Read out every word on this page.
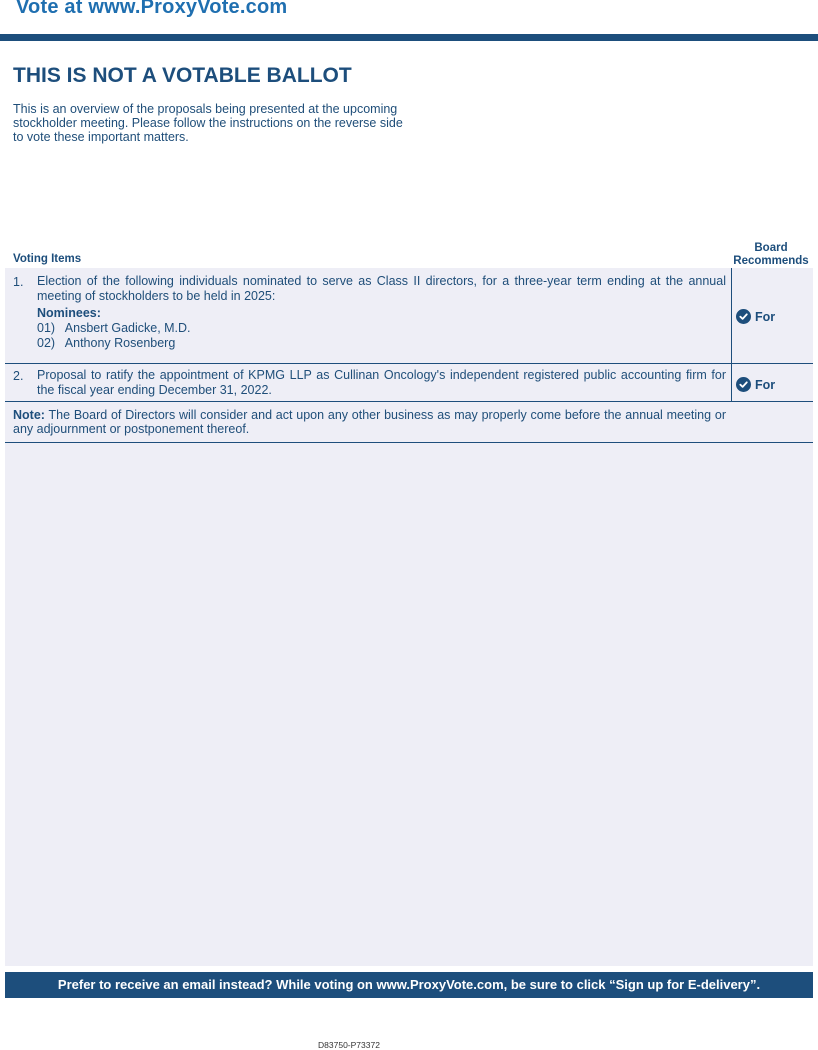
Vote at www.ProxyVote.com
THIS IS NOT A VOTABLE BALLOT

This is an overview of the proposals being presented at the upcoming stockholder meeting. Please follow the instructions on the reverse side to vote these important matters.

Voting Items
Board
Recommends
1. Election of the following individuals nominated to serve as Class II directors, for a three-year term ending at the annual meeting of stockholders to be held in 2025:
Nominees:
01)   Ansbert Gadicke, M.D.
02)   Anthony Rosenberg
For
2. Proposal to ratify the appointment of KPMG LLP as Cullinan Oncology's independent registered public accounting firm for the fiscal year ending December 31, 2022.	For
Note: The Board of Directors will consider and act upon any other business as may properly come before the annual meeting or any adjournment or postponement thereof.
Prefer to receive an email instead? While voting on www.ProxyVote.com, be sure to click “Sign up for E-delivery”.
D83750-P73372
